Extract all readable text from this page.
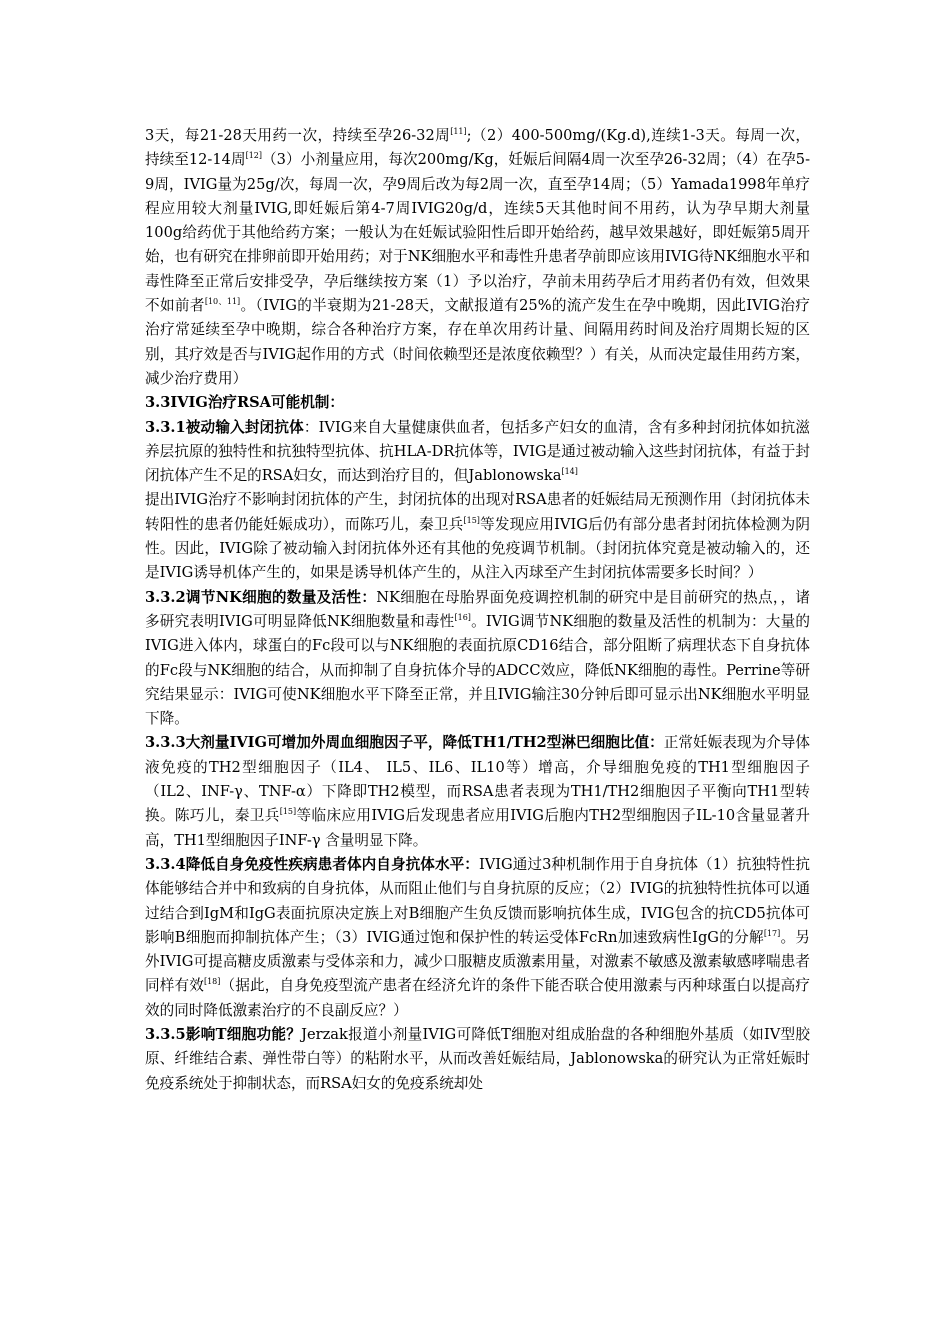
3天，每21-28天用药一次，持续至孕26-32周[11];（2）400-500mg/(Kg.d),连续1-3天。每周一次，持续至12-14周[12]（3）小剂量应用，每次200mg/Kg，妊娠后间隔4周一次至孕26-32周；（4）在孕5-9周，IVIG量为25g/次，每周一次，孕9周后改为每2周一次，直至孕14周；（5）Yamada1998年单疗程应用较大剂量IVIG,即妊娠后第4-7周IVIG20g/d，连续5天其他时间不用药，认为孕早期大剂量100g给药优于其他给药方案；一般认为在妊娠试验阳性后即开始给药，越早效果越好，即妊娠第5周开始，也有研究在排卵前即开始用药；对于NK细胞水平和毒性升患者孕前即应该用IVIG待NK细胞水平和毒性降至正常后安排受孕，孕后继续按方案（1）予以治疗，孕前未用药孕后才用药者仍有效，但效果不如前者[10、11]。（IVIG的半衰期为21-28天，文献报道有25%的流产发生在孕中晚期，因此IVIG治疗治疗常延续至孕中晚期，综合各种治疗方案，存在单次用药计量、间隔用药时间及治疗周期长短的区别，其疗效是否与IVIG起作用的方式（时间依赖型还是浓度依赖型？）有关，从而决定最佳用药方案，减少治疗费用）

3.3IVIG治疗RSA可能机制：

3.3.1被动输入封闭抗体：IVIG来自大量健康供血者，包括多产妇女的血清，含有多种封闭抗体如抗滋养层抗原的独特性和抗独特型抗体、抗HLA-DR抗体等，IVIG是通过被动输入这些封闭抗体，有益于封闭抗体产生不足的RSA妇女，而达到治疗目的，但Jablonowska[14]

提出IVIG治疗不影响封闭抗体的产生，封闭抗体的出现对RSA患者的妊娠结局无预测作用（封闭抗体未转阳性的患者仍能妊娠成功），而陈巧儿，秦卫兵[15]等发现应用IVIG后仍有部分患者封闭抗体检测为阴性。因此，IVIG除了被动输入封闭抗体外还有其他的免疫调节机制。（封闭抗体究竟是被动输入的，还是IVIG诱导机体产生的，如果是诱导机体产生的，从注入丙球至产生封闭抗体需要多长时间？）

3.3.2调节NK细胞的数量及活性：NK细胞在母胎界面免疫调控机制的研究中是目前研究的热点，，诸多研究表明IVIG可明显降低NK细胞数量和毒性[16]。IVIG调节NK细胞的数量及活性的机制为：大量的IVIG进入体内，球蛋白的Fc段可以与NK细胞的表面抗原CD16结合，部分阻断了病理状态下自身抗体的Fc段与NK细胞的结合，从而抑制了自身抗体介导的ADCC效应，降低NK细胞的毒性。Perrine等研究结果显示：IVIG可使NK细胞水平下降至正常，并且IVIG输注30分钟后即可显示出NK细胞水平明显下降。

3.3.3大剂量IVIG可增加外周血细胞因子平，降低TH1/TH2型淋巴细胞比值：正常妊娠表现为介导体液免疫的TH2型细胞因子（IL4、 IL5、IL6、IL10等）增高，介导细胞免疫的TH1型细胞因子（IL2、INF-γ、TNF-α）下降即TH2模型，而RSA患者表现为TH1/TH2细胞因子平衡向TH1型转换。陈巧儿，秦卫兵[15]等临床应用IVIG后发现患者应用IVIG后胞内TH2型细胞因子IL-10含量显著升高，TH1型细胞因子INF-γ 含量明显下降。

3.3.4降低自身免疫性疾病患者体内自身抗体水平：IVIG通过3种机制作用于自身抗体（1）抗独特性抗体能够结合并中和致病的自身抗体，从而阻止他们与自身抗原的反应；（2）IVIG的抗独特性抗体可以通过结合到IgM和IgG表面抗原决定族上对B细胞产生负反馈而影响抗体生成，IVIG包含的抗CD5抗体可影响B细胞而抑制抗体产生；（3）IVIG通过饱和保护性的转运受体FcRn加速致病性IgG的分解[17]。另外IVIG可提高糖皮质激素与受体亲和力，减少口服糖皮质激素用量，对激素不敏感及激素敏感哮喘患者同样有效[18]（据此，自身免疫型流产患者在经济允许的条件下能否联合使用激素与丙种球蛋白以提高疗效的同时降低激素治疗的不良副反应？）

3.3.5影响T细胞功能？Jerzak报道小剂量IVIG可降低T细胞对组成胎盘的各种细胞外基质（如IV型胶原、纤维结合素、弹性带白等）的粘附水平，从而改善妊娠结局，Jablonowska的研究认为正常妊娠时免疫系统处于抑制状态，而RSA妇女的免疫系统却处
